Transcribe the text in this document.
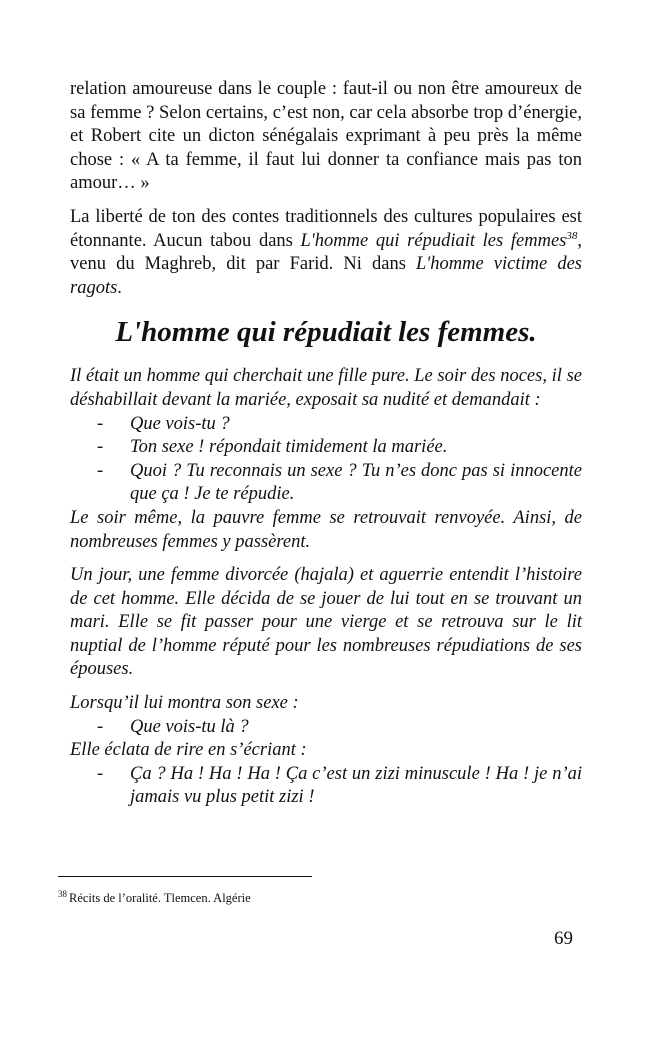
relation amoureuse dans le couple : faut-il ou non être amoureux de sa femme ? Selon certains, c’est non, car cela absorbe trop d’énergie, et Robert cite un dicton sénégalais exprimant à peu près la même chose : « A ta femme, il faut lui donner ta confiance mais pas ton amour… »

La liberté de ton des contes traditionnels des cultures populaires est étonnante. Aucun tabou dans L'homme qui répudiait les femmes$^{38}$, venu du Maghreb, dit par Farid. Ni dans L'homme victime des ragots.

L'homme qui répudiait les femmes.

Il était un homme qui cherchait une fille pure. Le soir des noces, il se déshabillait devant la mariée, exposait sa nudité et demandait :

- Que vois-tu ?
- Ton sexe ! répondait timidement la mariée.
- Quoi ? Tu reconnais un sexe ? Tu n’es donc pas si innocente que ça ! Je te répudie.

Le soir même, la pauvre femme se retrouvait renvoyée. Ainsi, de nombreuses femmes y passèrent.

Un jour, une femme divorcée (hajala) et aguerrie entendit l’histoire de cet homme. Elle décida de se jouer de lui tout en se trouvant un mari. Elle se fit passer pour une vierge et se retrouva sur le lit nuptial de l’homme réputé pour les nombreuses répudiations de ses épouses.

Lorsqu’il lui montra son sexe :

- Que vois-tu là ?

Elle éclata de rire en s’écriant :

- Ça ? Ha ! Ha ! Ha ! Ça c’est un zizi minuscule ! Ha ! je n’ai jamais vu plus petit zizi !
$^{38}$ Récits de l’oralité. Tlemcen. Algérie
69
